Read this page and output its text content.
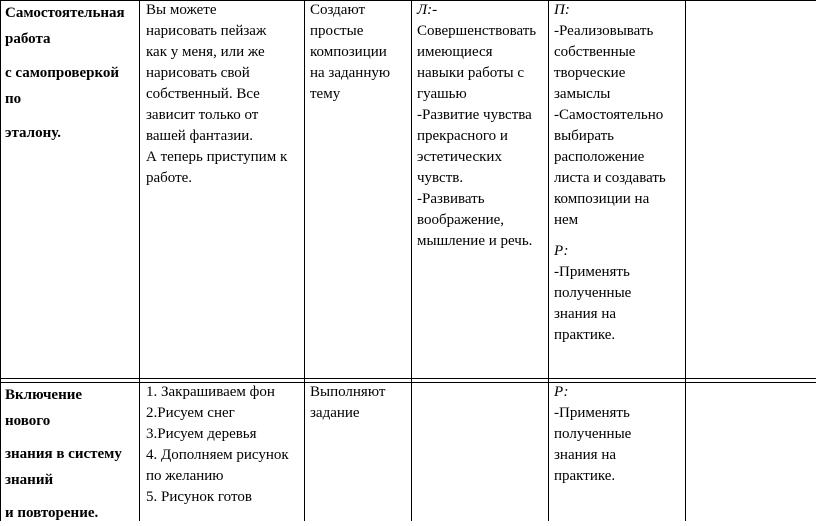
Самостоятельная
работа
с самопроверкой
по
эталону.
Вы можете
нарисовать пейзаж
как у меня, или же
нарисовать свой
собственный. Все
зависит только от
вашей фантазии.
А теперь приступим к
работе.
Создают
простые
композиции
на заданную
тему
Л:-
Совершенствовать
имеющиеся
навыки работы с
гуашью
-Развитие чувства
прекрасного и
эстетических
чувств.
-Развивать
воображение,
мышление и речь.
П:
-Реализовывать
собственные
творческие
замыслы
-Самостоятельно
выбирать
расположение
листа и создавать
композиции на
нем
Р:
-Применять
полученные
знания на
практике.
Включение
нового
знания в систему
знаний
и повторение.
1. Закрашиваем фон
2.Рисуем снег
3.Рисуем деревья
4. Дополняем рисунок
по желанию
5. Рисунок готов
Выполняют
задание
Р:
-Применять
полученные
знания на
практике.
